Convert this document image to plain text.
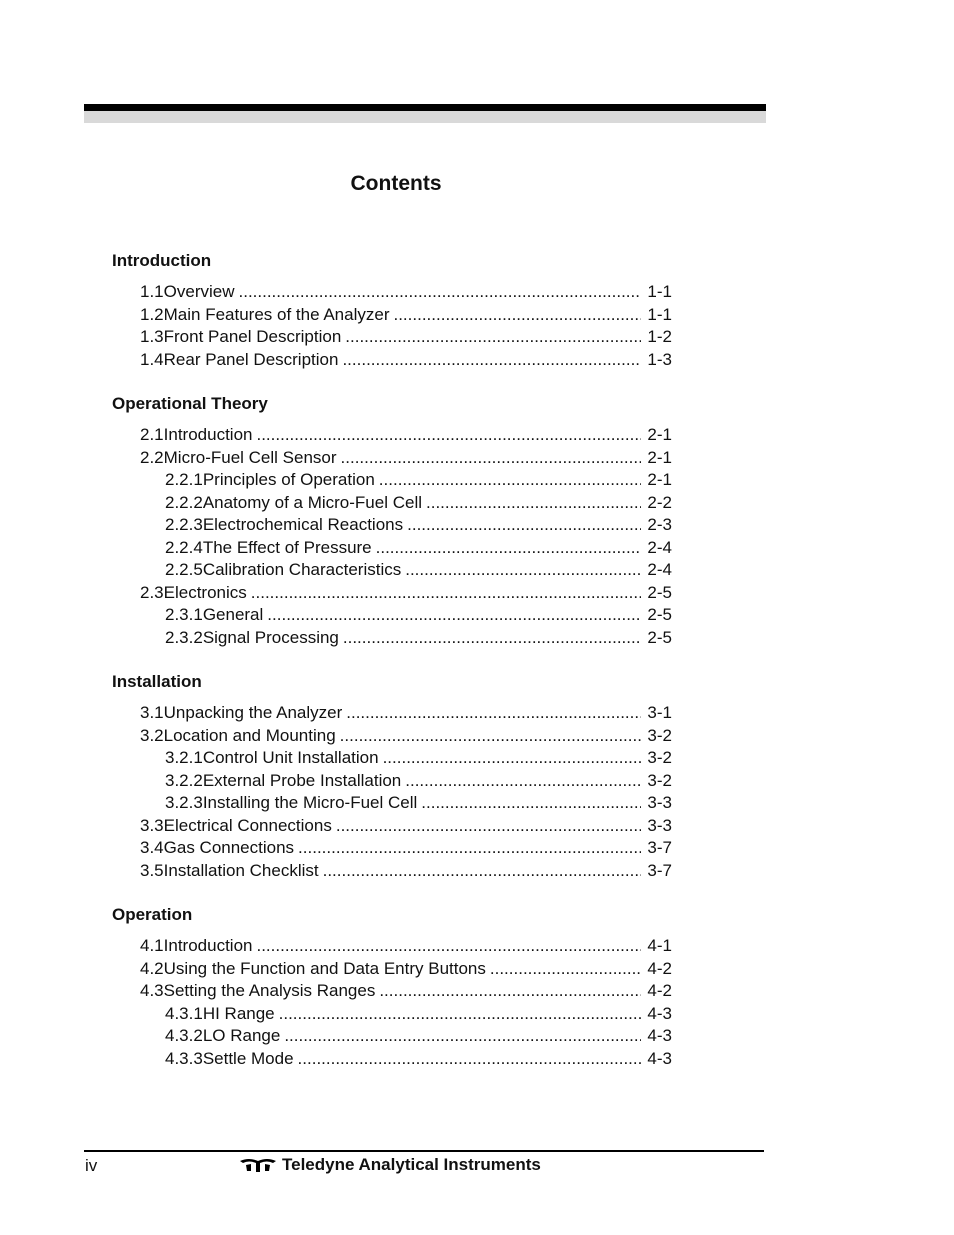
Contents
Introduction
1.1 Overview .....	1-1
1.2 Main Features of the Analyzer .....	1-1
1.3 Front Panel Description .....	1-2
1.4 Rear Panel Description .....	1-3
Operational Theory
2.1 Introduction .....	2-1
2.2 Micro-Fuel Cell Sensor .....	2-1
2.2.1 Principles of Operation .....	2-1
2.2.2 Anatomy of a Micro-Fuel Cell .....	2-2
2.2.3 Electrochemical Reactions .....	2-3
2.2.4 The Effect of Pressure .....	2-4
2.2.5 Calibration Characteristics .....	2-4
2.3 Electronics .....	2-5
2.3.1 General .....	2-5
2.3.2 Signal Processing .....	2-5
Installation
3.1 Unpacking the Analyzer .....	3-1
3.2 Location and Mounting .....	3-2
3.2.1 Control Unit Installation .....	3-2
3.2.2 External Probe Installation .....	3-2
3.2.3 Installing the Micro-Fuel Cell .....	3-3
3.3 Electrical Connections .....	3-3
3.4 Gas Connections .....	3-7
3.5 Installation Checklist .....	3-7
Operation
4.1 Introduction .....	4-1
4.2 Using the Function and Data Entry Buttons .....	4-2
4.3 Setting the Analysis Ranges .....	4-2
4.3.1 HI Range .....	4-3
4.3.2 LO Range .....	4-3
4.3.3 Settle Mode .....	4-3
iv	Teledyne Analytical Instruments
